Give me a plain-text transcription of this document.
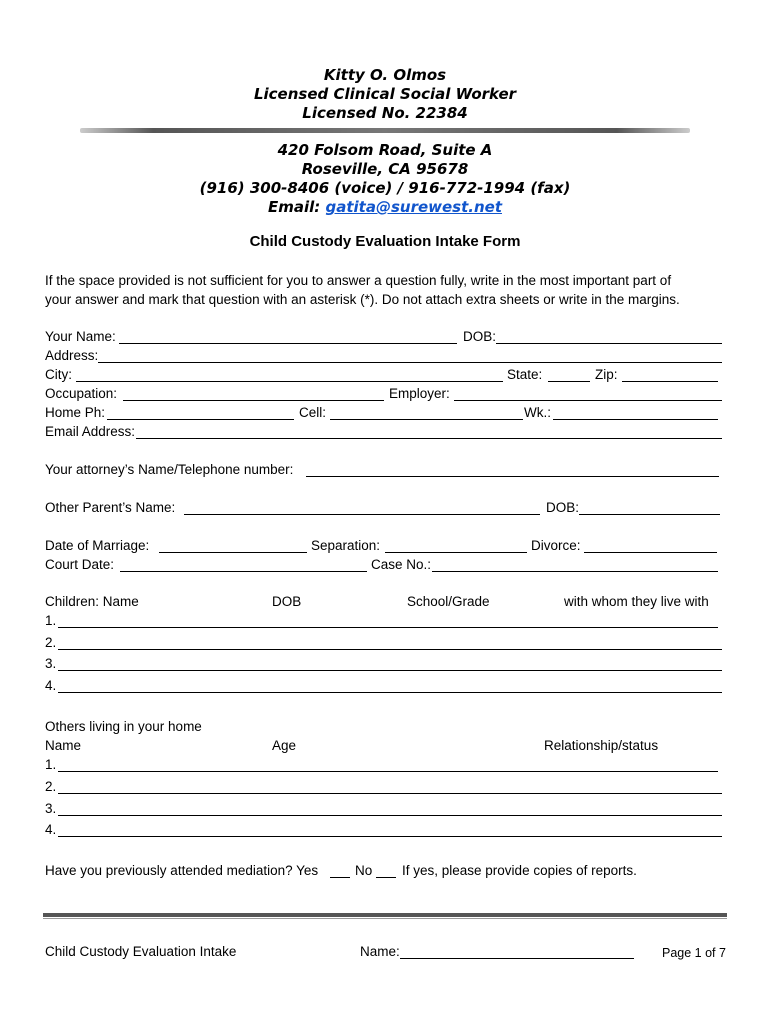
Kitty O. Olmos
Licensed Clinical Social Worker
Licensed No. 22384
420 Folsom Road, Suite A
Roseville, CA 95678
(916) 300-8406 (voice) / 916-772-1994 (fax)
Email: gatita@surewest.net
Child Custody Evaluation Intake Form
If the space provided is not sufficient for you to answer a question fully, write in the most important part of
your answer and mark that question with an asterisk (*). Do not attach extra sheets or write in the margins.
Your Name:	DOB:
Address:
City:	State:	Zip:
Occupation:	Employer:
Home Ph:	Cell:	Wk.:
Email Address:
Your attorney’s Name/Telephone number:
Other Parent’s Name:	DOB:
Date of Marriage:	Separation:	Divorce:
Court Date:	Case No.:
Children: Name	DOB	School/Grade	with whom they live with
1.
2.
3.
4.
Others living in your home
Name	Age	Relationship/status
1.
2.
3.
4.
Have you previously attended mediation? Yes	No If yes, please provide copies of reports.
Child Custody Evaluation Intake	Name:	Page 1 of 7
